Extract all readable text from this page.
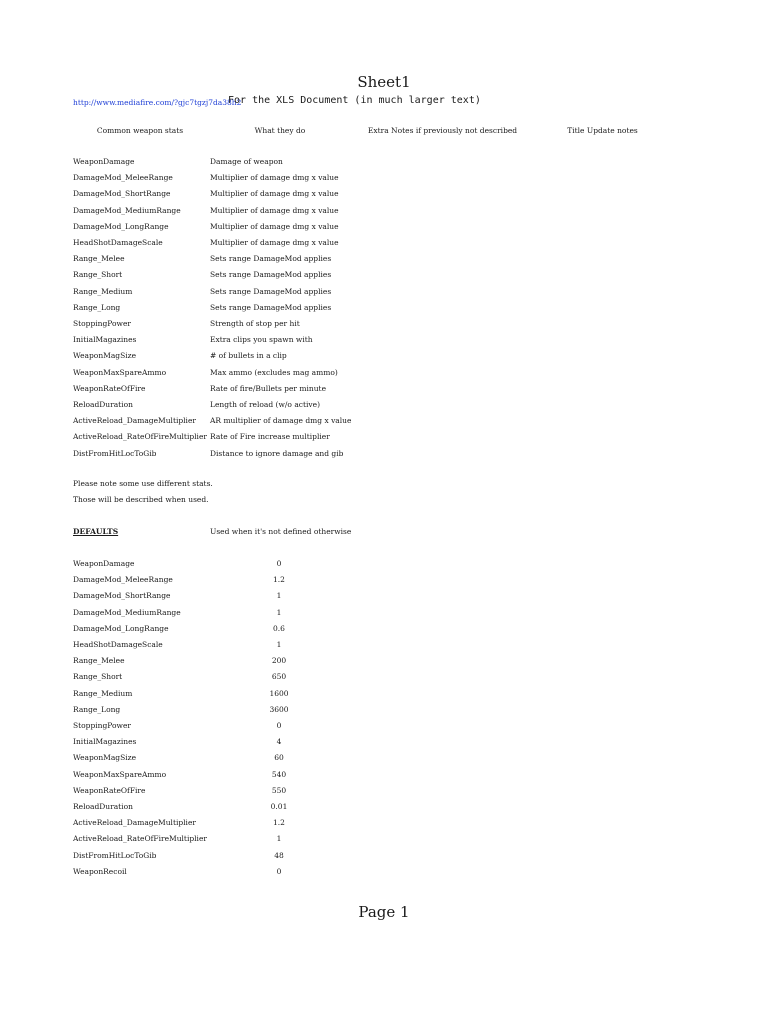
Sheet1
http://www.mediafire.com/?gjc7tgzj7da38h2
For the XLS Document (in much larger text)
Common weapon stats	What they do	Extra Notes if previously not described	Title Update notes
WeaponDamage	Damage of weapon
DamageMod_MeleeRange	Multiplier of damage dmg x value
DamageMod_ShortRange	Multiplier of damage dmg x value
DamageMod_MediumRange	Multiplier of damage dmg x value
DamageMod_LongRange	Multiplier of damage dmg x value
HeadShotDamageScale	Multiplier of damage dmg x value
Range_Melee	Sets range DamageMod applies
Range_Short	Sets range DamageMod applies
Range_Medium	Sets range DamageMod applies
Range_Long	Sets range DamageMod applies
StoppingPower	Strength of stop per hit
InitialMagazines	Extra clips you spawn with
WeaponMagSize	# of bullets in a clip
WeaponMaxSpareAmmo	Max ammo (excludes mag ammo)
WeaponRateOfFire	Rate of fire/Bullets per minute
ReloadDuration	Length of reload (w/o active)
ActiveReload_DamageMultiplier AR multiplier of damage dmg x value
ActiveReload_RateOfFireMultiplier Rate of Fire increase multiplier
DistFromHitLocToGib	Distance to ignore damage and gib
Please note some use different stats.
Those will be described when used.
DEFAULTS	Used when it's not defined otherwise
WeaponDamage	0
DamageMod_MeleeRange	1.2
DamageMod_ShortRange	1
DamageMod_MediumRange	1
DamageMod_LongRange	0.6
HeadShotDamageScale	1
Range_Melee	200
Range_Short	650
Range_Medium	1600
Range_Long	3600
StoppingPower	0
InitialMagazines	4
WeaponMagSize	60
WeaponMaxSpareAmmo	540
WeaponRateOfFire	550
ReloadDuration	0.01
ActiveReload_DamageMultiplier	1.2
ActiveReload_RateOfFireMultiplier	1
DistFromHitLocToGib	48
WeaponRecoil	0
Page 1
